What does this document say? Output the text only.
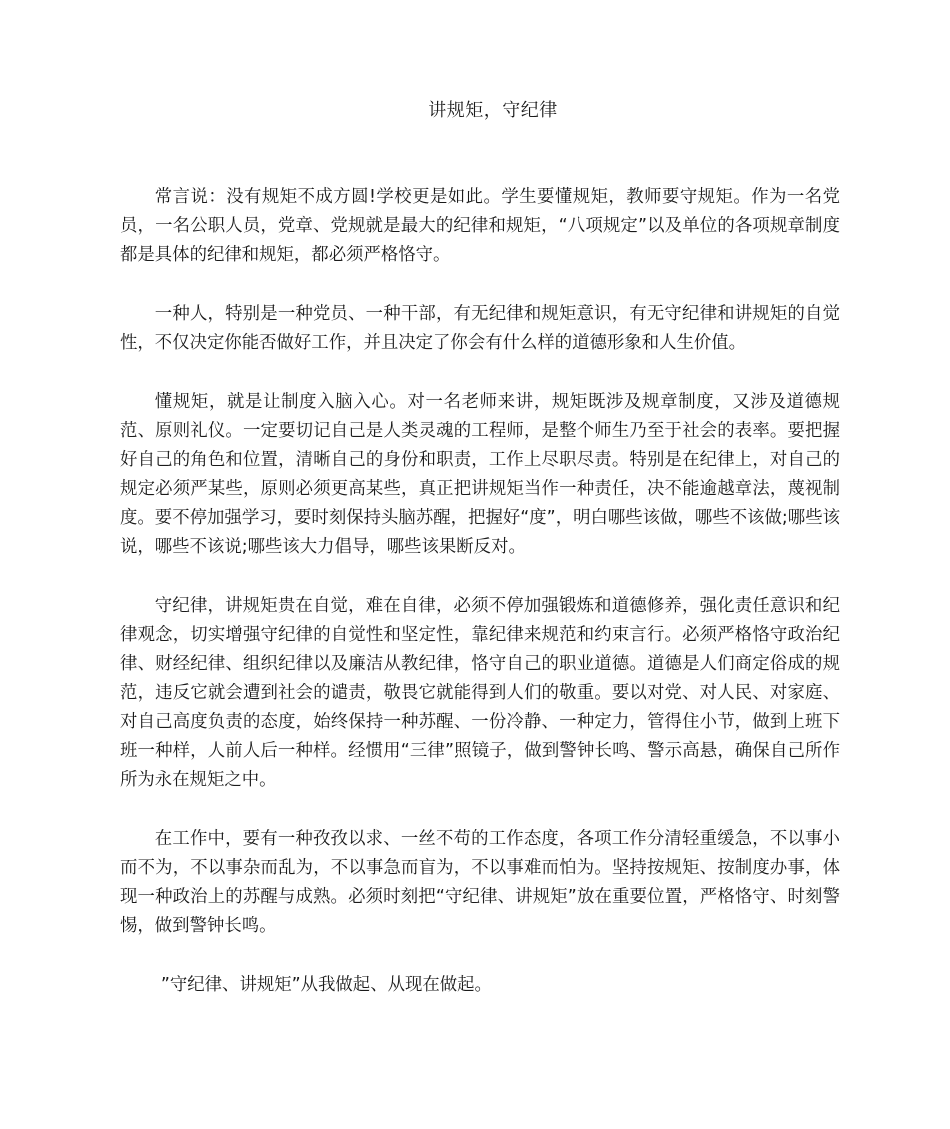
讲规矩，守纪律

常言说：没有规矩不成方圆!学校更是如此。学生要懂规矩，教师要守规矩。作为一名党员，一名公职人员，党章、党规就是最大的纪律和规矩，“八项规定”以及单位的各项规章制度都是具体的纪律和规矩，都必须严格恪守。

一种人，特别是一种党员、一种干部，有无纪律和规矩意识，有无守纪律和讲规矩的自觉性，不仅决定你能否做好工作，并且决定了你会有什么样的道德形象和人生价值。

懂规矩，就是让制度入脑入心。对一名老师来讲，规矩既涉及规章制度，又涉及道德规范、原则礼仪。一定要切记自己是人类灵魂的工程师，是整个师生乃至于社会的表率。要把握好自己的角色和位置，清晰自己的身份和职责，工作上尽职尽责。特别是在纪律上，对自己的规定必须严某些，原则必须更高某些，真正把讲规矩当作一种责任，决不能逾越章法，蔑视制度。要不停加强学习，要时刻保持头脑苏醒，把握好“度”，明白哪些该做，哪些不该做;哪些该说，哪些不该说;哪些该大力倡导，哪些该果断反对。

守纪律，讲规矩贵在自觉，难在自律，必须不停加强锻炼和道德修养，强化责任意识和纪律观念，切实增强守纪律的自觉性和坚定性，靠纪律来规范和约束言行。必须严格恪守政治纪律、财经纪律、组织纪律以及廉洁从教纪律，恪守自己的职业道德。道德是人们商定俗成的规范，违反它就会遭到社会的谴责，敬畏它就能得到人们的敬重。要以对党、对人民、对家庭、对自己高度负责的态度，始终保持一种苏醒、一份冷静、一种定力，管得住小节，做到上班下班一种样，人前人后一种样。经惯用“三律”照镜子，做到警钟长鸣、警示高悬，确保自己所作所为永在规矩之中。

在工作中，要有一种孜孜以求、一丝不苟的工作态度，各项工作分清轻重缓急，不以事小而不为，不以事杂而乱为，不以事急而盲为，不以事难而怕为。坚持按规矩、按制度办事，体现一种政治上的苏醒与成熟。必须时刻把“守纪律、讲规矩”放在重要位置，严格恪守、时刻警惕，做到警钟长鸣。

”守纪律、讲规矩”从我做起、从现在做起。
